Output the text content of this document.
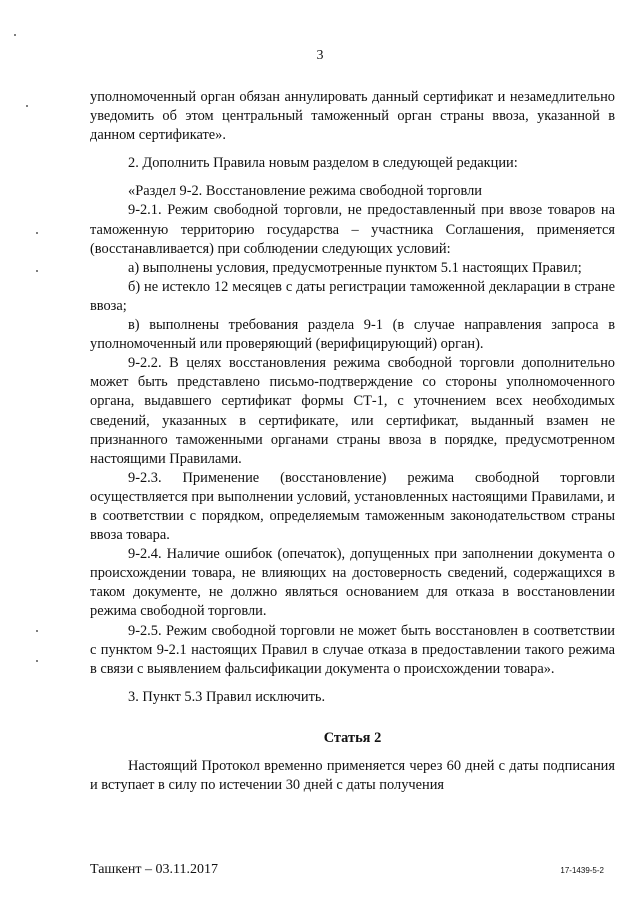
3

уполномоченный орган обязан аннулировать данный сертификат и незамедлительно уведомить об этом центральный таможенный орган страны ввоза, указанной в данном сертификате».

2. Дополнить Правила новым разделом в следующей редакции:

«Раздел 9-2. Восстановление режима свободной торговли

9-2.1. Режим свободной торговли, не предоставленный при ввозе товаров на таможенную территорию государства – участника Соглашения, применяется (восстанавливается) при соблюдении следующих условий:

а) выполнены условия, предусмотренные пунктом 5.1 настоящих Правил;

б) не истекло 12 месяцев с даты регистрации таможенной декларации в стране ввоза;

в) выполнены требования раздела 9-1 (в случае направления запроса в уполномоченный или проверяющий (верифицирующий) орган).

9-2.2. В целях восстановления режима свободной торговли дополнительно может быть представлено письмо-подтверждение со стороны уполномоченного органа, выдавшего сертификат формы СТ-1, с уточнением всех необходимых сведений, указанных в сертификате, или сертификат, выданный взамен не признанного таможенными органами страны ввоза в порядке, предусмотренном настоящими Правилами.

9-2.3. Применение (восстановление) режима свободной торговли осуществляется при выполнении условий, установленных настоящими Правилами, и в соответствии с порядком, определяемым таможенным законодательством страны ввоза товара.

9-2.4. Наличие ошибок (опечаток), допущенных при заполнении документа о происхождении товара, не влияющих на достоверность сведений, содержащихся в таком документе, не должно являться основанием для отказа в восстановлении режима свободной торговли.

9-2.5. Режим свободной торговли не может быть восстановлен в соответствии с пунктом 9-2.1 настоящих Правил в случае отказа в предоставлении такого режима в связи с выявлением фальсификации документа о происхождении товара».

3. Пункт 5.3 Правил исключить.

Статья 2

Настоящий Протокол временно применяется через 60 дней с даты подписания и вступает в силу по истечении 30 дней с даты получения

Ташкент – 03.11.2017	17-1439-5-2
